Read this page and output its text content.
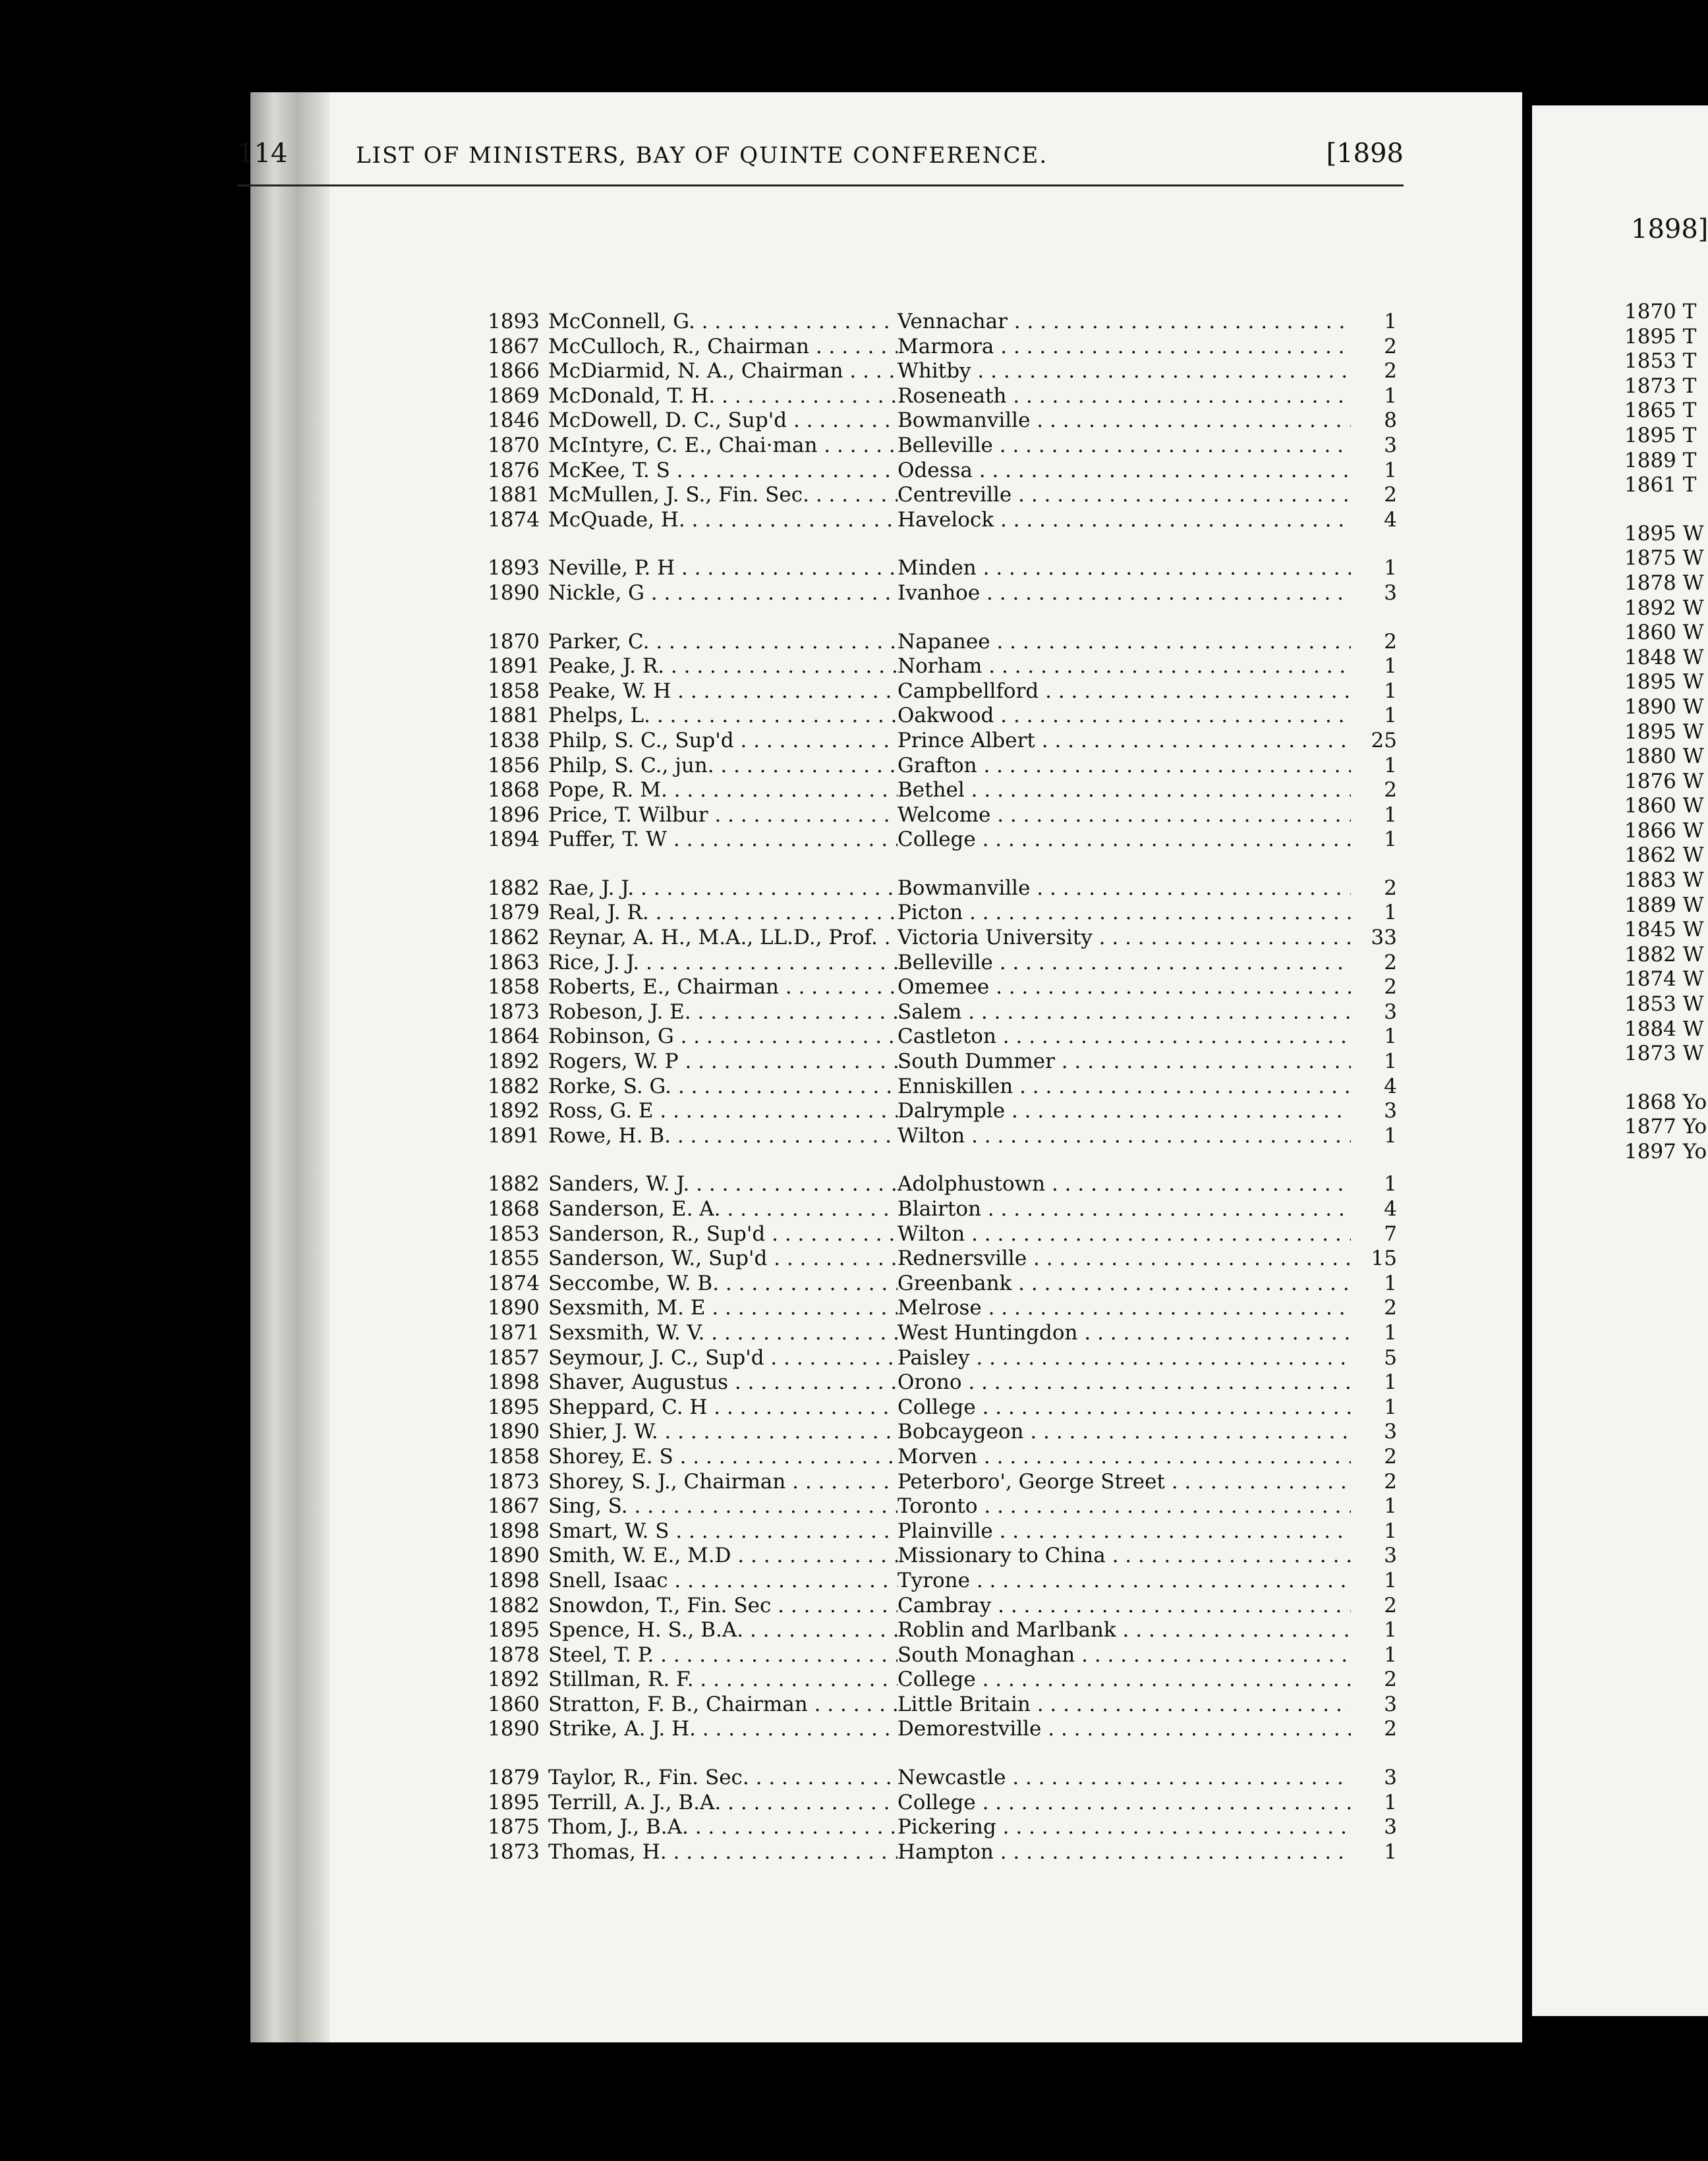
114	LIST OF MINISTERS, BAY OF QUINTE CONFERENCE.	[1898
1893 McConnell, G. . . .	Vennachar . . .	1
1867 McCulloch, R., Chairman . . .	Marmora . . .	2
1866 McDiarmid, N. A., Chairman . . .	Whitby . . .	2
1869 McDonald, T. H. . . .	Roseneath . . .	1
1846 McDowell, D. C., Sup'd . . .	Bowmanville . . .	8
1870 McIntyre, C. E., Chai·man . . .	Belleville . . .	3
1876 McKee, T. S . . .	Odessa . . .	1
1881 McMullen, J. S., Fin. Sec. . . .	Centreville . . .	2
1874 McQuade, H. . . .	Havelock . . .	4
1893 Neville, P. H . . .	Minden . . .	1
1890 Nickle, G . . .	Ivanhoe . . .	3
1870 Parker, C. . . .	Napanee . . .	2
1891 Peake, J. R. . . .	Norham . . .	1
1858 Peake, W. H . . .	Campbellford . . .	1
1881 Phelps, L. . . .	Oakwood . . .	1
1838 Philp, S. C., Sup'd . . .	Prince Albert . . .	25
1856 Philp, S. C., jun. . . .	Grafton . . .	1
1868 Pope, R. M. . . .	Bethel . . .	2
1896 Price, T. Wilbur . . .	Welcome . . .	1
1894 Puffer, T. W . . .	College . . .	1
1882 Rae, J. J. . . .	Bowmanville . . .	2
1879 Real, J. R. . . .	Picton . . .	1
1862 Reynar, A. H., M.A., LL.D., Prof. . . . Victoria University . . .	33
1863 Rice, J. J. . . .	Belleville . . .	2
1858 Roberts, E., Chairman . . .	Omemee . . .	2
1873 Robeson, J. E. . . .	Salem . . .	3
1864 Robinson, G . . .	Castleton . . .	1
1892 Rogers, W. P . . .	South Dummer . . .	1
1882 Rorke, S. G. . . .	Enniskillen . . .	4
1892 Ross, G. E . . .	Dalrymple . . .	3
1891 Rowe, H. B. . . .	Wilton . . .	1
1882 Sanders, W. J. . . .	Adolphustown . . .	1
1868 Sanderson, E. A. . . .	Blairton . . .	4
1853 Sanderson, R., Sup'd . . .	Wilton . . .	7
1855 Sanderson, W., Sup'd . . .	Rednersville . . .	15
1874 Seccombe, W. B. . . .	Greenbank . . .	1
1890 Sexsmith, M. E . . .	Melrose . . .	2
1871 Sexsmith, W. V. . . .	West Huntingdon . . .	1
1857 Seymour, J. C., Sup'd . . .	Paisley . . .	5
1898 Shaver, Augustus . . .	Orono . . .	1
1895 Sheppard, C. H . . .	College . . .	1
1890 Shier, J. W. . . .	Bobcaygeon . . .	3
1858 Shorey, E. S . . .	Morven . . .	2
1873 Shorey, S. J., Chairman . . .	Peterboro', George Street . . .	2
1867 Sing, S. . . .	Toronto . . .	1
1898 Smart, W. S . . .	Plainville . . .	1
1890 Smith, W. E., M.D . . .	Missionary to China . . .	3
1898 Snell, Isaac . . .	Tyrone . . .	1
1882 Snowdon, T., Fin. Sec . . .	Cambray . . .	2
1895 Spence, H. S., B.A. . . .	Roblin and Marlbank . . .	1
1878 Steel, T. P. . . .	South Monaghan . . .	1
1892 Stillman, R. F. . . .	College . . .	2
1860 Stratton, F. B., Chairman . . .	Little Britain . . .	3
1890 Strike, A. J. H. . . .	Demorestville . . .	2
1879 Taylor, R., Fin. Sec. . . .	Newcastle . . .	3
1895 Terrill, A. J., B.A. . . .	College . . .	1
1875 Thom, J., B.A. . . .	Pickering . . .	3
1873 Thomas, H. . . .	Hampton . . .	1
1898]
1870 T
1895 T
1853 T
1873 T
1865 T
1895 T
1889 T
1861 T
1895 W
1875 W
1878 W
1892 W
1860 W
1848 W
1895 W
1890 W
1895 W
1880 W
1876 W
1860 W
1866 W
1862 W
1883 W
1889 W
1845 W
1882 W
1874 W
1853 W
1884 W
1873 W
1868 Yo
1877 Yo
1897 Yo
